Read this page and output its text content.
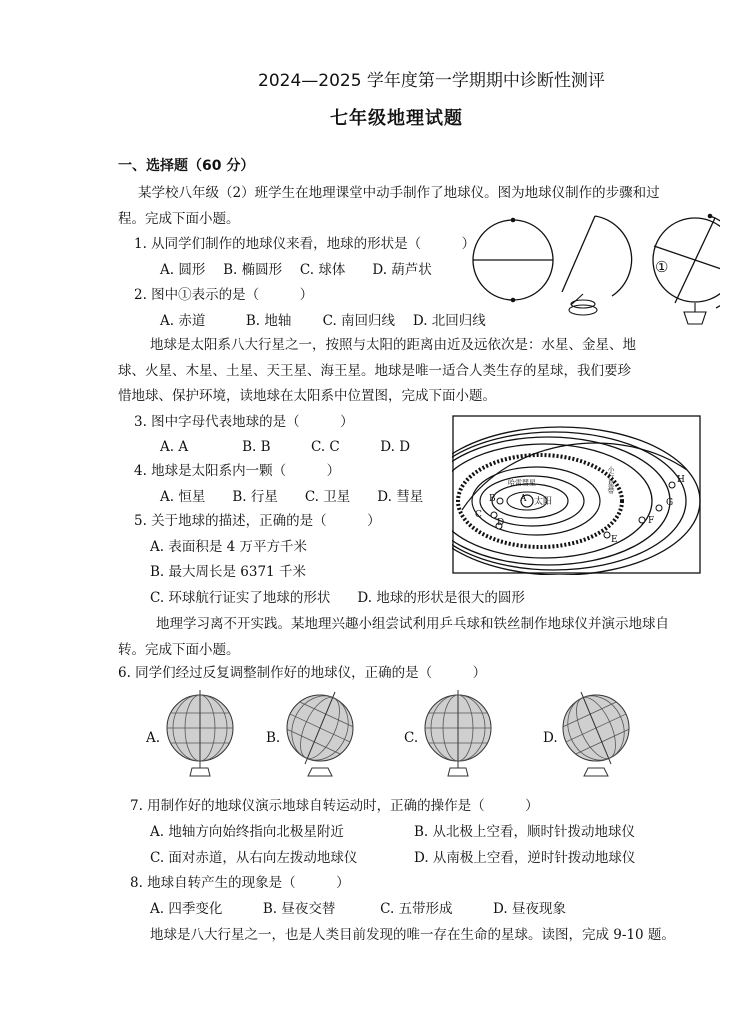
2024—2025 学年度第一学期期中诊断性测评
七年级地理试题
一、选择题（60 分）
某学校八年级（2）班学生在地理课堂中动手制作了地球仪。图为地球仪制作的步骤和过
程。完成下面小题。
1. 从同学们制作的地球仪来看，地球的形状是（　　　）
A. 圆形　 B. 椭圆形　 C. 球体　　D. 葫芦状
2. 图中①表示的是（　　　）
A. 赤道　　　B. 地轴　　 C. 南回归线　 D. 北回归线
①
地球是太阳系八大行星之一，按照与太阳的距离由近及远依次是：水星、金星、地
球、火星、木星、土星、天王星、海王星。地球是唯一适合人类生存的星球，我们要珍
惜地球、保护环境，读地球在太阳系中位置图，完成下面小题。
3. 图中字母代表地球的是（　　　）
A. A　　　　B. B　　　C. C　　　D. D
4. 地球是太阳系内一颗（　　　）
A. 恒星　　B. 行星　　C. 卫星　　D. 彗星
5. 关于地球的描述，正确的是（　　　）
A. 表面积是 4 万平方千米
B. 最大周长是 6371 千米
C. 环球航行证实了地球的形状　　D. 地球的形状是很大的圆形
A 太阳
B
C
D
E
F
G
H
哈雷彗星	小行星带
地理学习离不开实践。某地理兴趣小组尝试利用乒乓球和铁丝制作地球仪并演示地球自
转。完成下面小题。
6. 同学们经过反复调整制作好的地球仪，正确的是（　　　）
A.	B.	C.	D.
7. 用制作好的地球仪演示地球自转运动时，正确的操作是（　　　）
A. 地轴方向始终指向北极星附近	B. 从北极上空看，顺时针拨动地球仪
C. 面对赤道，从右向左拨动地球仪	D. 从南极上空看，逆时针拨动地球仪
8. 地球自转产生的现象是（　　　）
A. 四季变化　　　B. 昼夜交替　　　 C. 五带形成　　　D. 昼夜现象
地球是八大行星之一，也是人类目前发现的唯一存在生命的星球。读图，完成 9-10 题。
